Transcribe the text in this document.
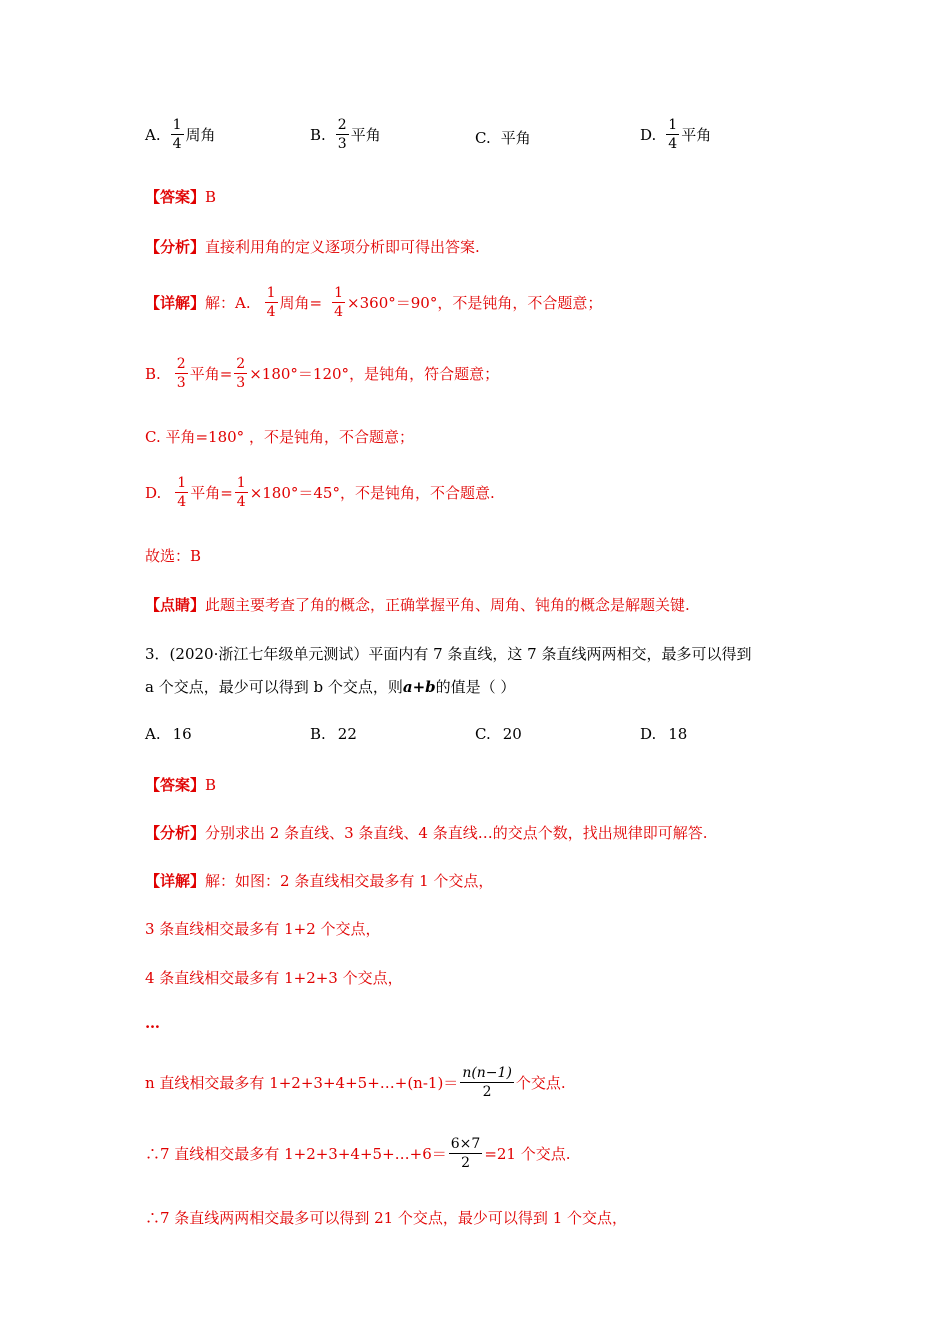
A. $\frac{1}{4}$ 周角	B. $\frac{2}{3}$ 平角	C. 平角	D. $\frac{1}{4}$ 平角
【答案】 B
【分析】 直接利用角的定义逐项分析即可得出答案.
【详解】 解：A. $\frac{1}{4}$ 周角= $\frac{1}{4} \times 360^\circ=90^\circ$ ，不是钝角，不合题意；
B. $\frac{2}{3}$ 平角= $\frac{2}{3} \times 180^\circ=120^\circ$ ，是钝角，符合题意；
C. 平角=180° ，不是钝角，不合题意；
D. $\frac{1}{4}$ 平角= $\frac{1}{4} \times 180^\circ=45^\circ$ ，不是钝角，不合题意.
故选：B
【点睛】 此题主要考查了角的概念，正确掌握平角、周角、钝角的概念是解题关键.
3．(2020·浙江七年级单元测试）平面内有 7 条直线，这 7 条直线两两相交，最多可以得到
a 个交点，最少可以得到 b 个交点，则 a+b 的值是（ ）
A. 16	B. 22	C. 20	D. 18
【答案】 B
【分析】 分别求出 2 条直线、3 条直线、4 条直线…的交点个数，找出规律即可解答.
【详解】 解：如图：2 条直线相交最多有 1 个交点，
3 条直线相交最多有 1+2 个交点，
4 条直线相交最多有 1+2+3 个交点，
…
n 直线相交最多有 1+2+3+4+5+…+(n-1)＝ $\frac{n(n-1)}{2}$ 个交点.
∴7 直线相交最多有 1+2+3+4+5+…+6＝ $\frac{6\times 7}{2} =21$ 个交点.
∴7 条直线两两相交最多可以得到 21 个交点，最少可以得到 1 个交点，
